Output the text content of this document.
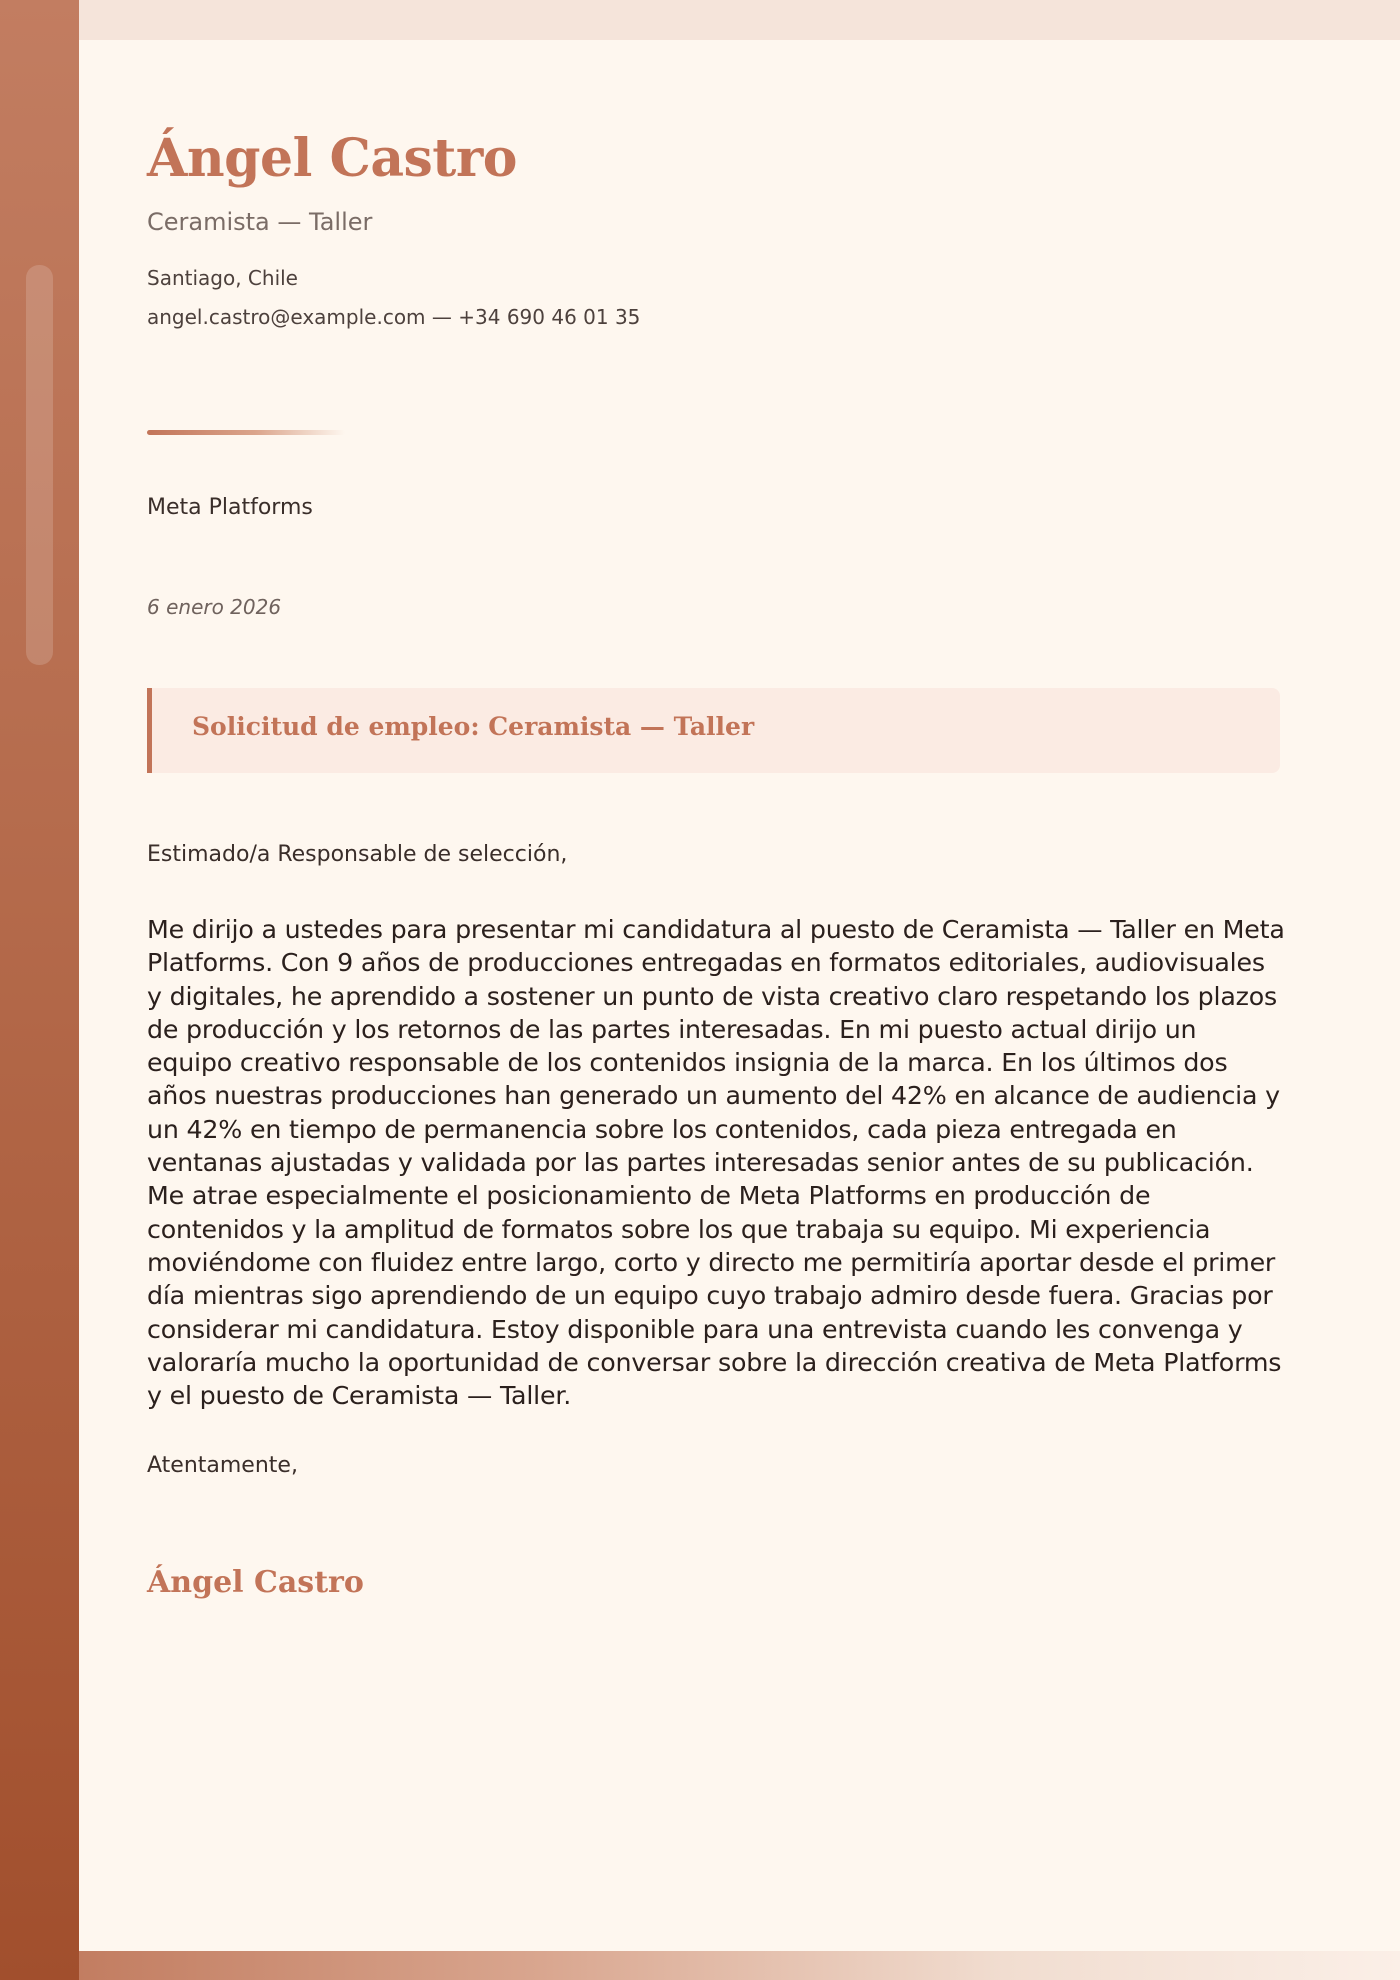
Ángel Castro
Ceramista — Taller
Santiago, Chile
angel.castro@example.com — +34 690 46 01 35
Meta Platforms
6 enero 2026
Solicitud de empleo: Ceramista — Taller
Estimado/a Responsable de selección,
Me dirijo a ustedes para presentar mi candidatura al puesto de Ceramista — Taller en Meta Platforms. Con 9 años de producciones entregadas en formatos editoriales, audiovisuales y digitales, he aprendido a sostener un punto de vista creativo claro respetando los plazos de producción y los retornos de las partes interesadas. En mi puesto actual dirijo un equipo creativo responsable de los contenidos insignia de la marca. En los últimos dos años nuestras producciones han generado un aumento del 42% en alcance de audiencia y un 42% en tiempo de permanencia sobre los contenidos, cada pieza entregada en ventanas ajustadas y validada por las partes interesadas senior antes de su publicación. Me atrae especialmente el posicionamiento de Meta Platforms en producción de contenidos y la amplitud de formatos sobre los que trabaja su equipo. Mi experiencia moviéndome con fluidez entre largo, corto y directo me permitiría aportar desde el primer día mientras sigo aprendiendo de un equipo cuyo trabajo admiro desde fuera. Gracias por considerar mi candidatura. Estoy disponible para una entrevista cuando les convenga y valoraría mucho la oportunidad de conversar sobre la dirección creativa de Meta Platforms y el puesto de Ceramista — Taller.
Atentamente,
Ángel Castro
